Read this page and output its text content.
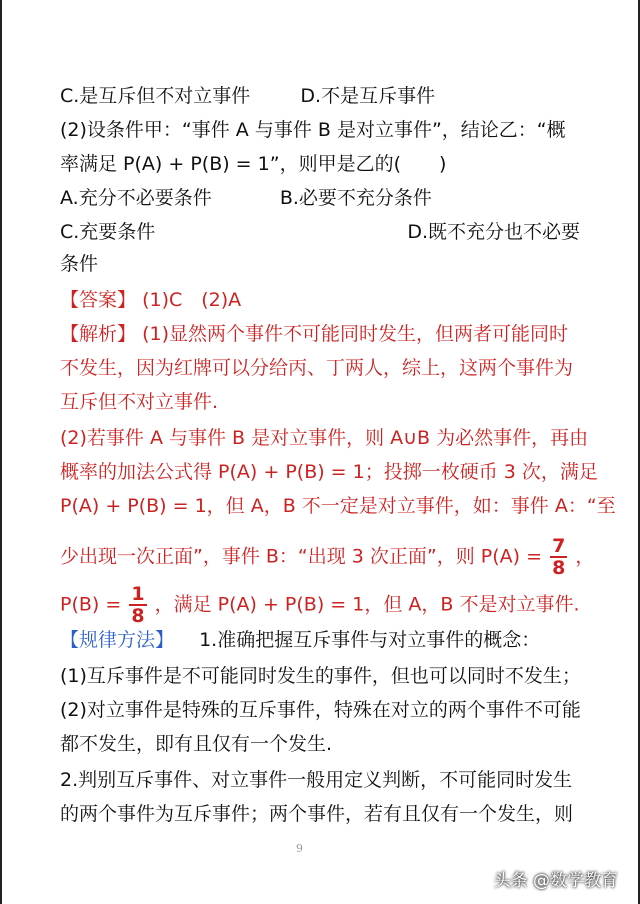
C.是互斥但不对立事件	D.不是互斥事件
(2)设条件甲：“事件 A 与事件 B 是对立事件”，结论乙：“概
率满足 P(A) + P(B) = 1”，则甲是乙的(　　)
A.充分不必要条件	B.必要不充分条件
C.充要条件	D.既不充分也不必要
条件
【答案】 (1)C　(2)A
【解析】 (1)显然两个事件不可能同时发生，但两者可能同时
不发生，因为红牌可以分给丙、丁两人，综上，这两个事件为
互斥但不对立事件.
(2)若事件 A 与事件 B 是对立事件，则 A∪B 为必然事件，再由
概率的加法公式得 P(A) + P(B) = 1；投掷一枚硬币 3 次，满足
P(A) + P(B) = 1，但 A，B 不一定是对立事件，如：事件 A：“至
少出现一次正面”，事件 B：“出现 3 次正面”，则 $P(A) = \frac{7}{8}$ ，
$P(B) = \frac{1}{8}$ ，满足 P(A) + P(B) = 1，但 A，B 不是对立事件.
【规律方法】 　1.准确把握互斥事件与对立事件的概念：
(1)互斥事件是不可能同时发生的事件，但也可以同时不发生；
(2)对立事件是特殊的互斥事件，特殊在对立的两个事件不可能
都不发生，即有且仅有一个发生.
2.判别互斥事件、对立事件一般用定义判断，不可能同时发生
的两个事件为互斥事件；两个事件，若有且仅有一个发生，则
9
头条 @数学教育
